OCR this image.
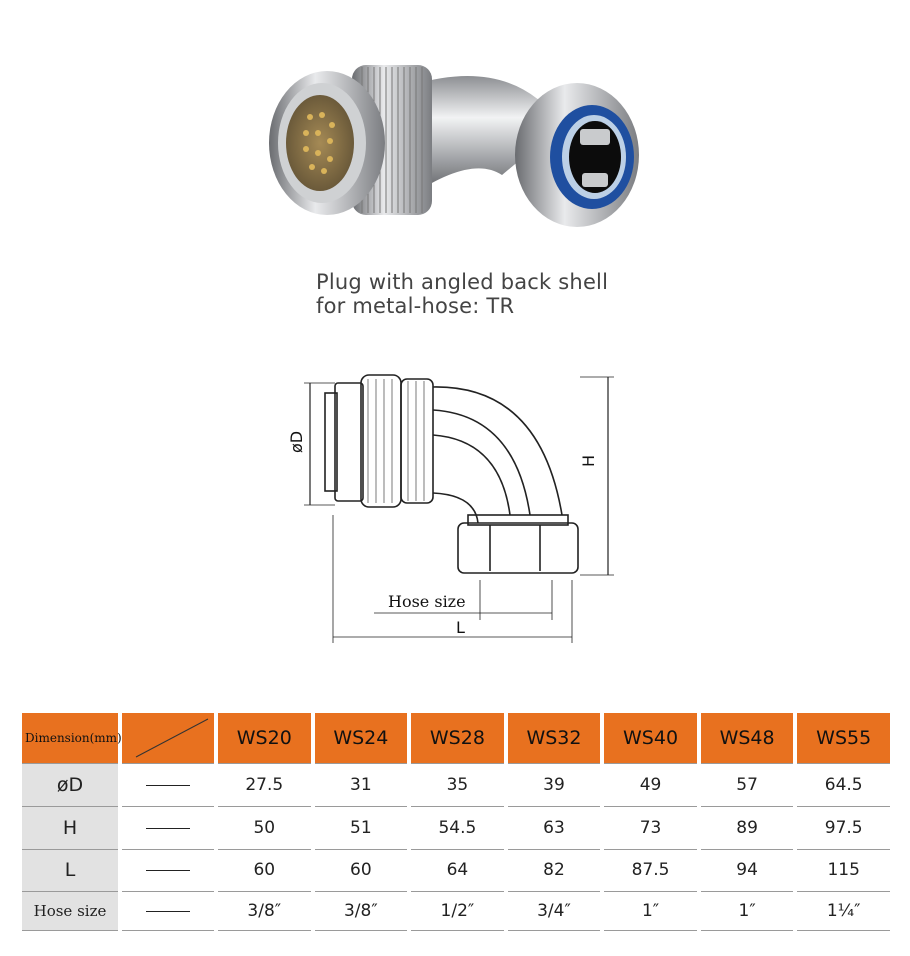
Plug with angled back shell
for metal-hose: TR
Hose size
L
H
øD
Dimension(mm)		WS20	WS24	WS28	WS32	WS40	WS48	WS55
øD		27.5	31	35	39	49	57	64.5
H		50	51	54.5	63	73	89	97.5
L		60	60	64	82	87.5	94	115
Hose size		3/8″	3/8″	1/2″	3/4″	1″	1″	1¼″
